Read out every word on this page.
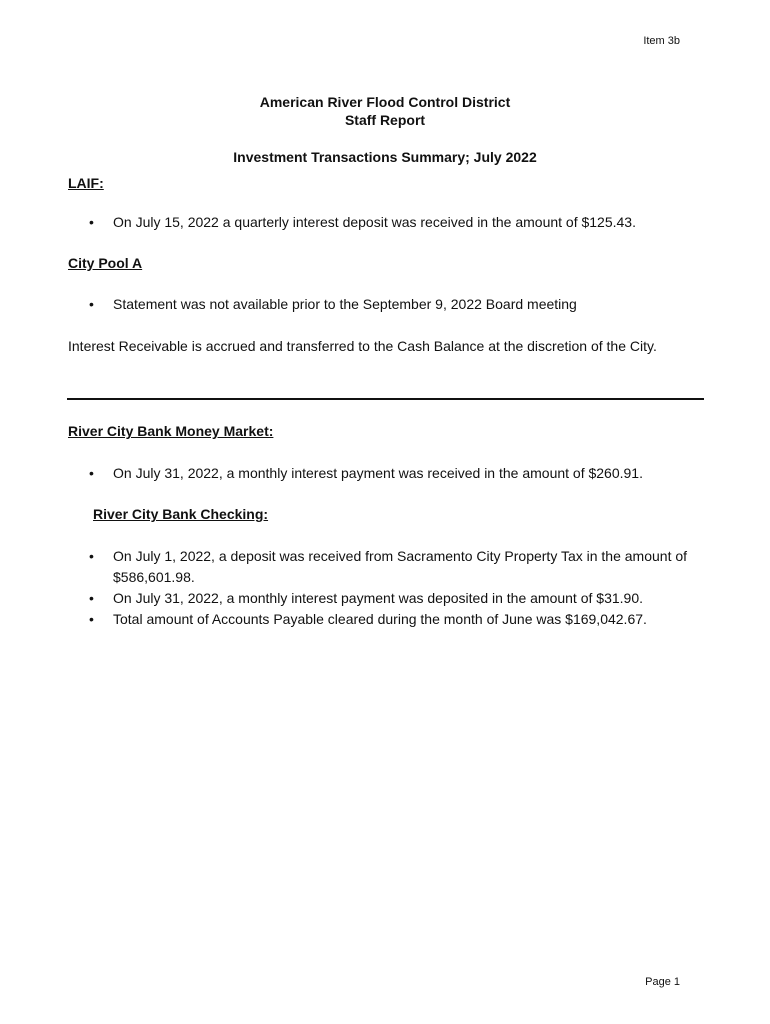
Item 3b
American River Flood Control District
Staff Report
Investment Transactions Summary; July 2022
LAIF:
• On July 15, 2022 a quarterly interest deposit was received in the amount of $125.43.
City Pool A
• Statement was not available prior to the September 9, 2022 Board meeting
Interest Receivable is accrued and transferred to the Cash Balance at the discretion of the City.
River City Bank Money Market:
• On July 31, 2022, a monthly interest payment was received in the amount of $260.91.
River City Bank Checking:
• On July 1, 2022, a deposit was received from Sacramento City Property Tax in the amount of $586,601.98.
• On July 31, 2022, a monthly interest payment was deposited in the amount of $31.90.
• Total amount of Accounts Payable cleared during the month of June was $169,042.67.
Page 1
